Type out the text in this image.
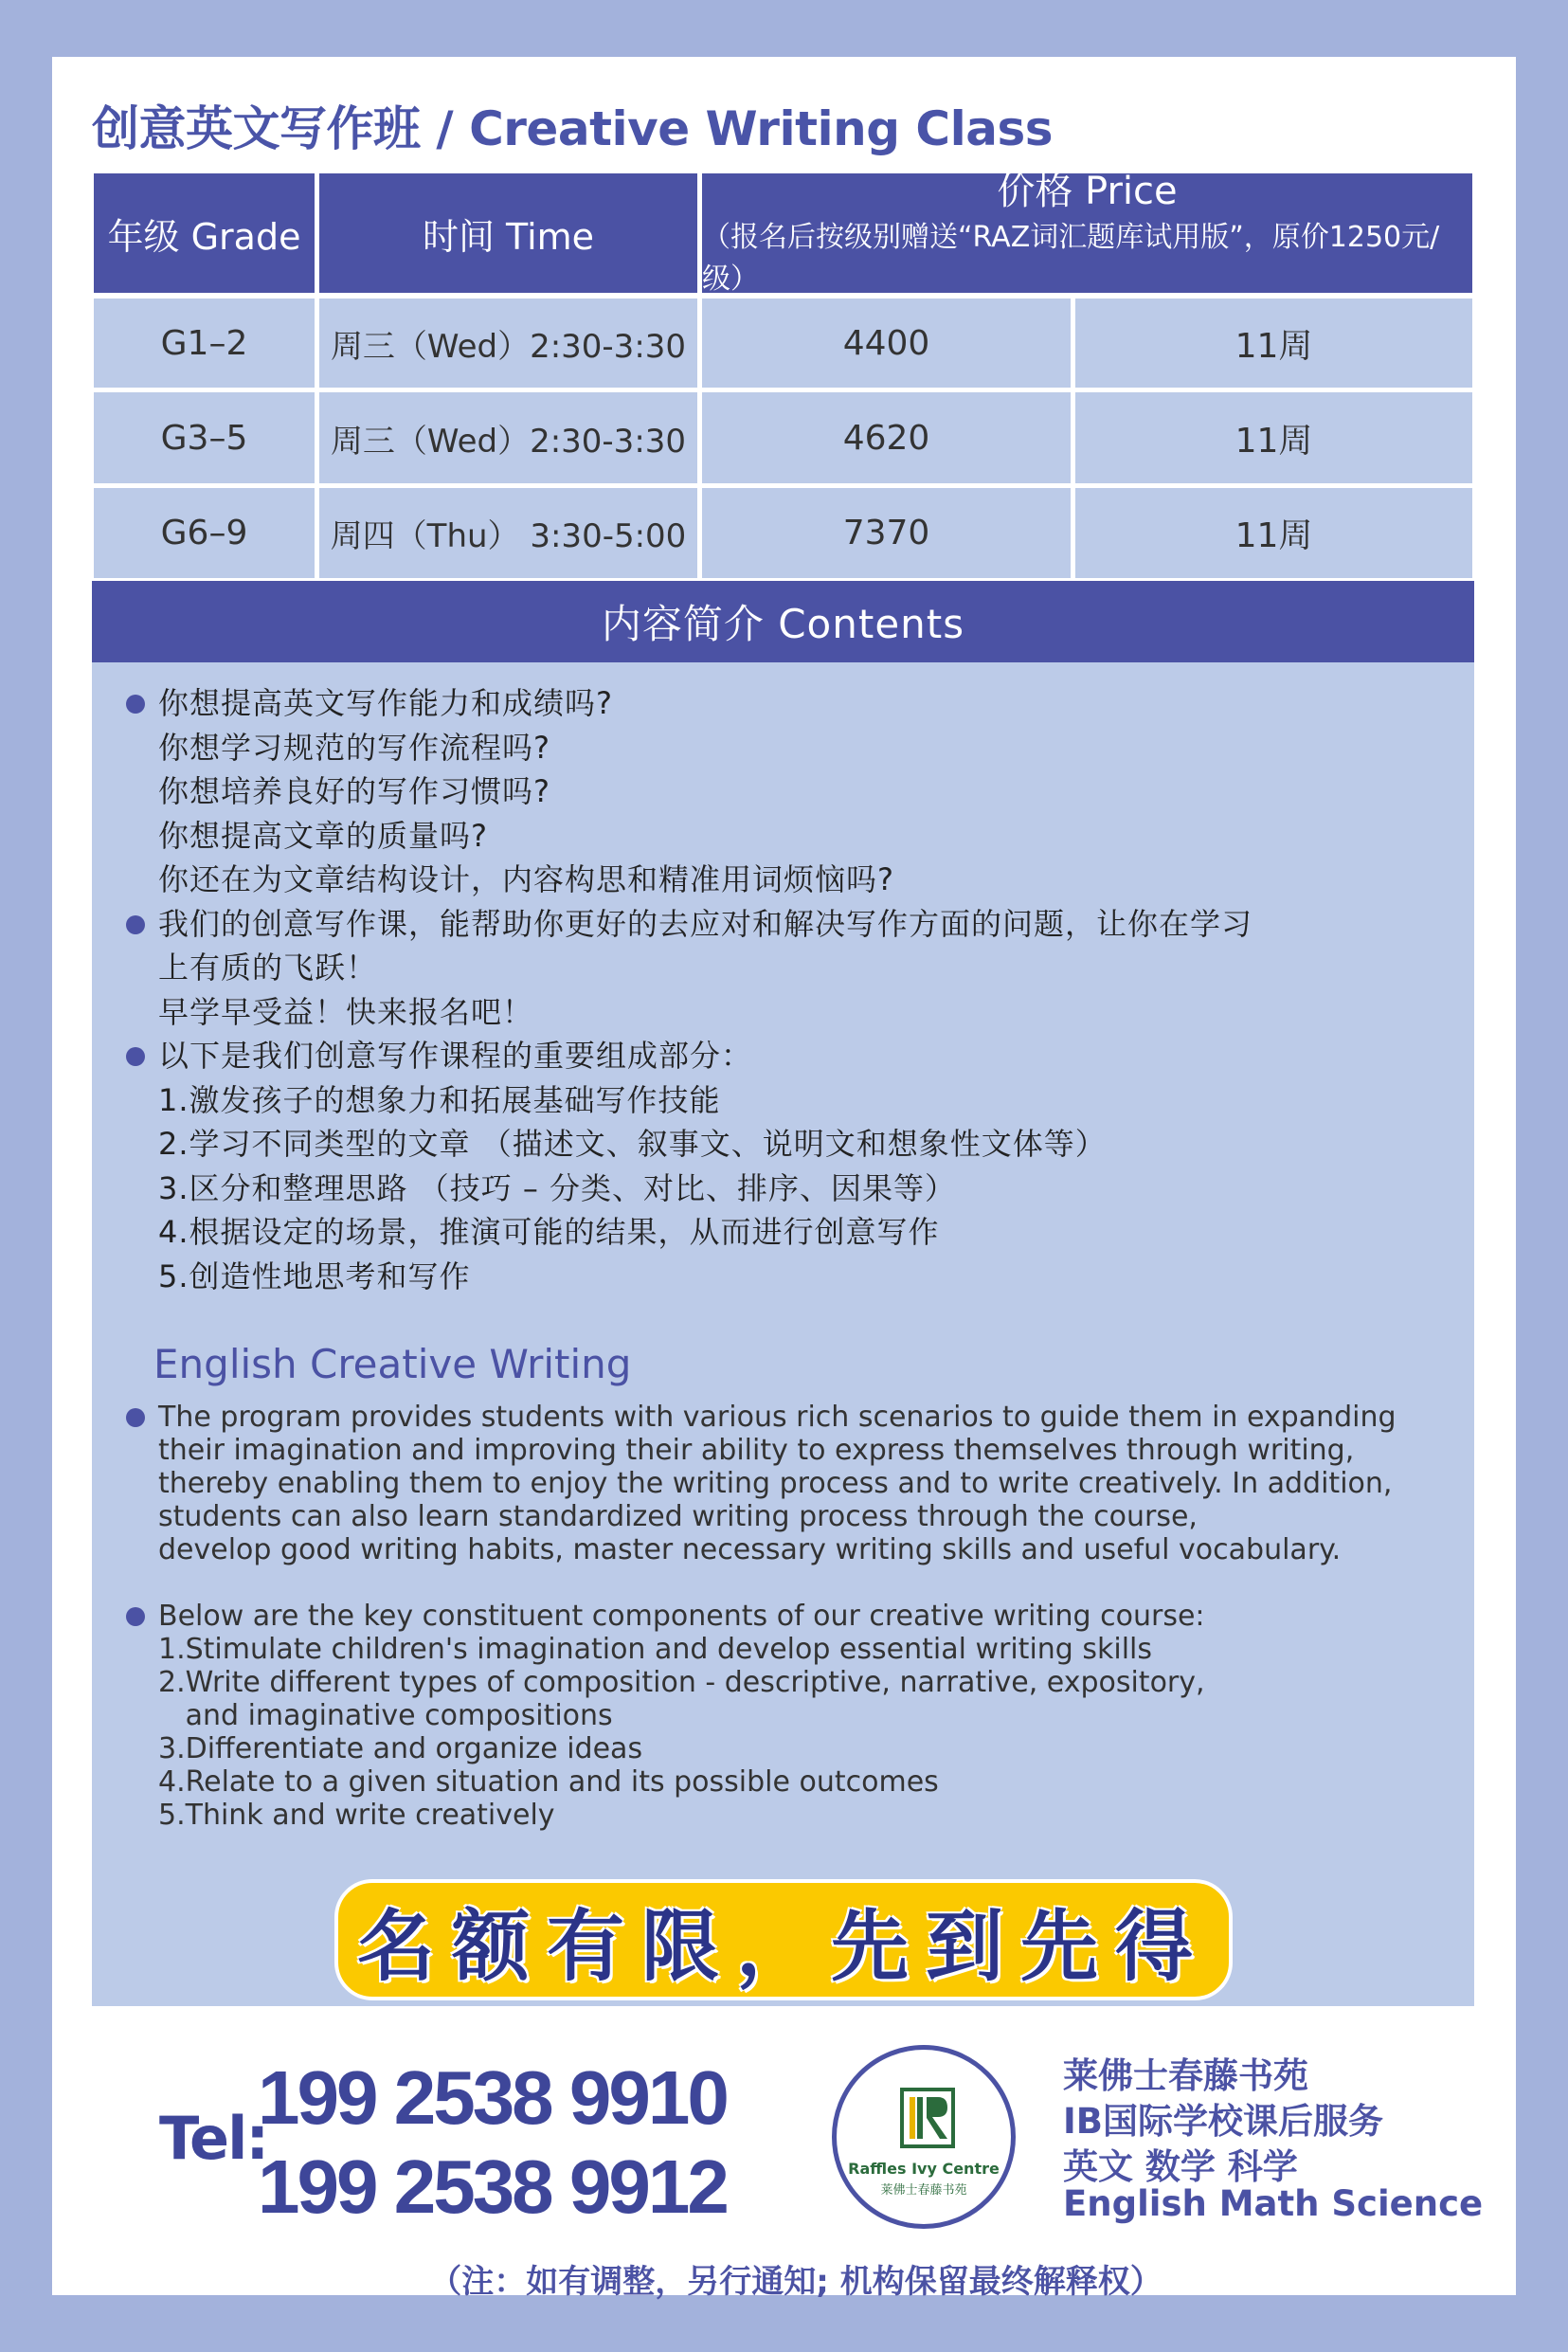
创意英文写作班 / Creative Writing Class
年级 Grade	时间 Time
价格 Price
（报名后按级别赠送“RAZ词汇题库试用版”，原价1250元/级）
G1–2	周三（Wed）2:30-3:30	4400	11周
G3–5	周三（Wed）2:30-3:30	4620	11周
G6–9	周四（Thu） 3:30-5:00	7370	11周
内容简介 Contents
你想提高英文写作能力和成绩吗?
你想学习规范的写作流程吗?
你想培养良好的写作习惯吗?
你想提高文章的质量吗?
你还在为文章结构设计，内容构思和精准用词烦恼吗?
我们的创意写作课，能帮助你更好的去应对和解决写作方面的问题，让你在学习
上有质的飞跃！
早学早受益！快来报名吧！
以下是我们创意写作课程的重要组成部分：
1.激发孩子的想象力和拓展基础写作技能
2.学习不同类型的文章 （描述文、叙事文、说明文和想象性文体等）
3.区分和整理思路 （技巧 – 分类、对比、排序、因果等）
4.根据设定的场景，推演可能的结果，从而进行创意写作
5.创造性地思考和写作
English Creative Writing
The program provides students with various rich scenarios to guide them in expanding
their imagination and improving their ability to express themselves through writing,
thereby enabling them to enjoy the writing process and to write creatively. In addition,
students can also learn standardized writing process through the course,
develop good writing habits, master necessary writing skills and useful vocabulary.
Below are the key constituent components of our creative writing course:
1.Stimulate children's imagination and develop essential writing skills
2.Write different types of composition - descriptive, narrative, expository,
and imaginative compositions
3.Differentiate and organize ideas
4.Relate to a given situation and its possible outcomes
5.Think and write creatively
名额有限，先到先得
Tel:
199 2538 9910
199 2538 9912	Raffles Ivy Centre
莱佛士春藤书苑
莱佛士春藤书苑
IB国际学校课后服务
英文 数学 科学
English Math Science
（注：如有调整，另行通知; 机构保留最终解释权）
